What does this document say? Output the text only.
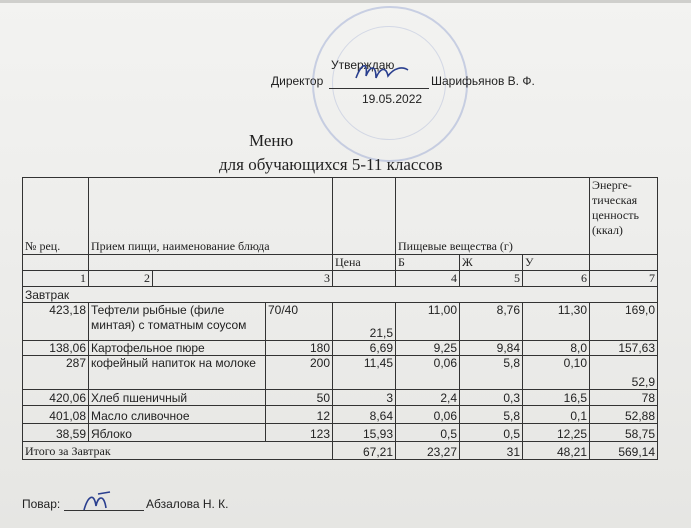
Утверждаю
Директор	Шарифьянов В. Ф.
19.05.2022
Меню
для обучающихся 5-11 классов
№ рец.	Прием пищи, наименование блюда				Пищевые вещества (г)			Энерге-тическая ценность (ккал)
				Цена	Б	Ж	У	
1	2	3			4	5	6	7
Завтрак								
423,18	Тефтели рыбные (филе минтая) с томатным соусом		70/40	21,5	11,00	8,76	11,30	169,0
138,06	Картофельное пюре		180	6,69	9,25	9,84	8,0	157,63
287	кофейный напиток на молоке		200	11,45	0,06	5,8	0,10	52,9
420,06	Хлеб пшеничный		50	3	2,4	0,3	16,5	78
401,08	Масло сливочное		12	8,64	0,06	5,8	0,1	52,88
38,59	Яблоко		123	15,93	0,5	0,5	12,25	58,75
Итого за Завтрак				67,21	23,27	31	48,21	569,14
Повар:	Абзалова Н. К.
